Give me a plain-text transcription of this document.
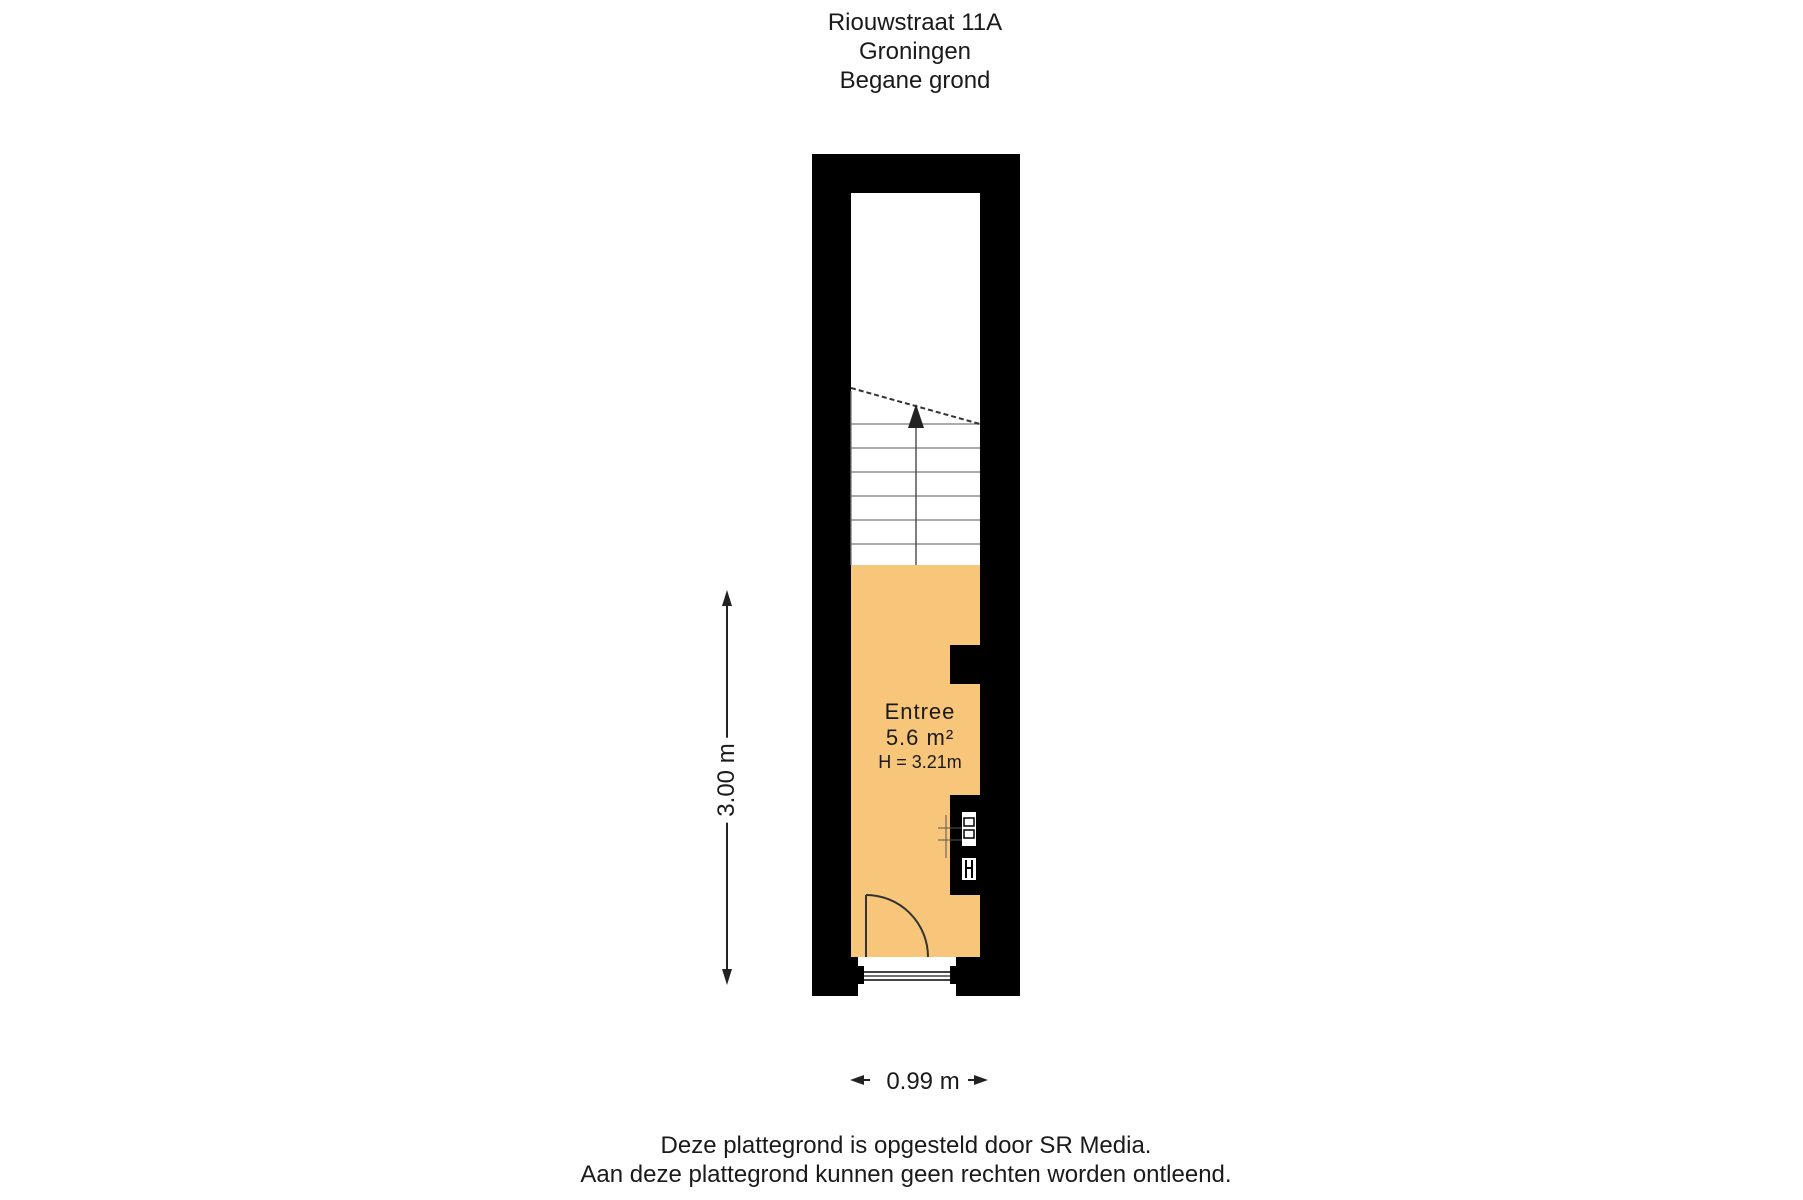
Riouwstraat 11A
Groningen
Begane grond
Entree
5.6 m²
H = 3.21m
3.00 m
0.99 m
Deze plattegrond is opgesteld door SR Media.
Aan deze plattegrond kunnen geen rechten worden ontleend.
